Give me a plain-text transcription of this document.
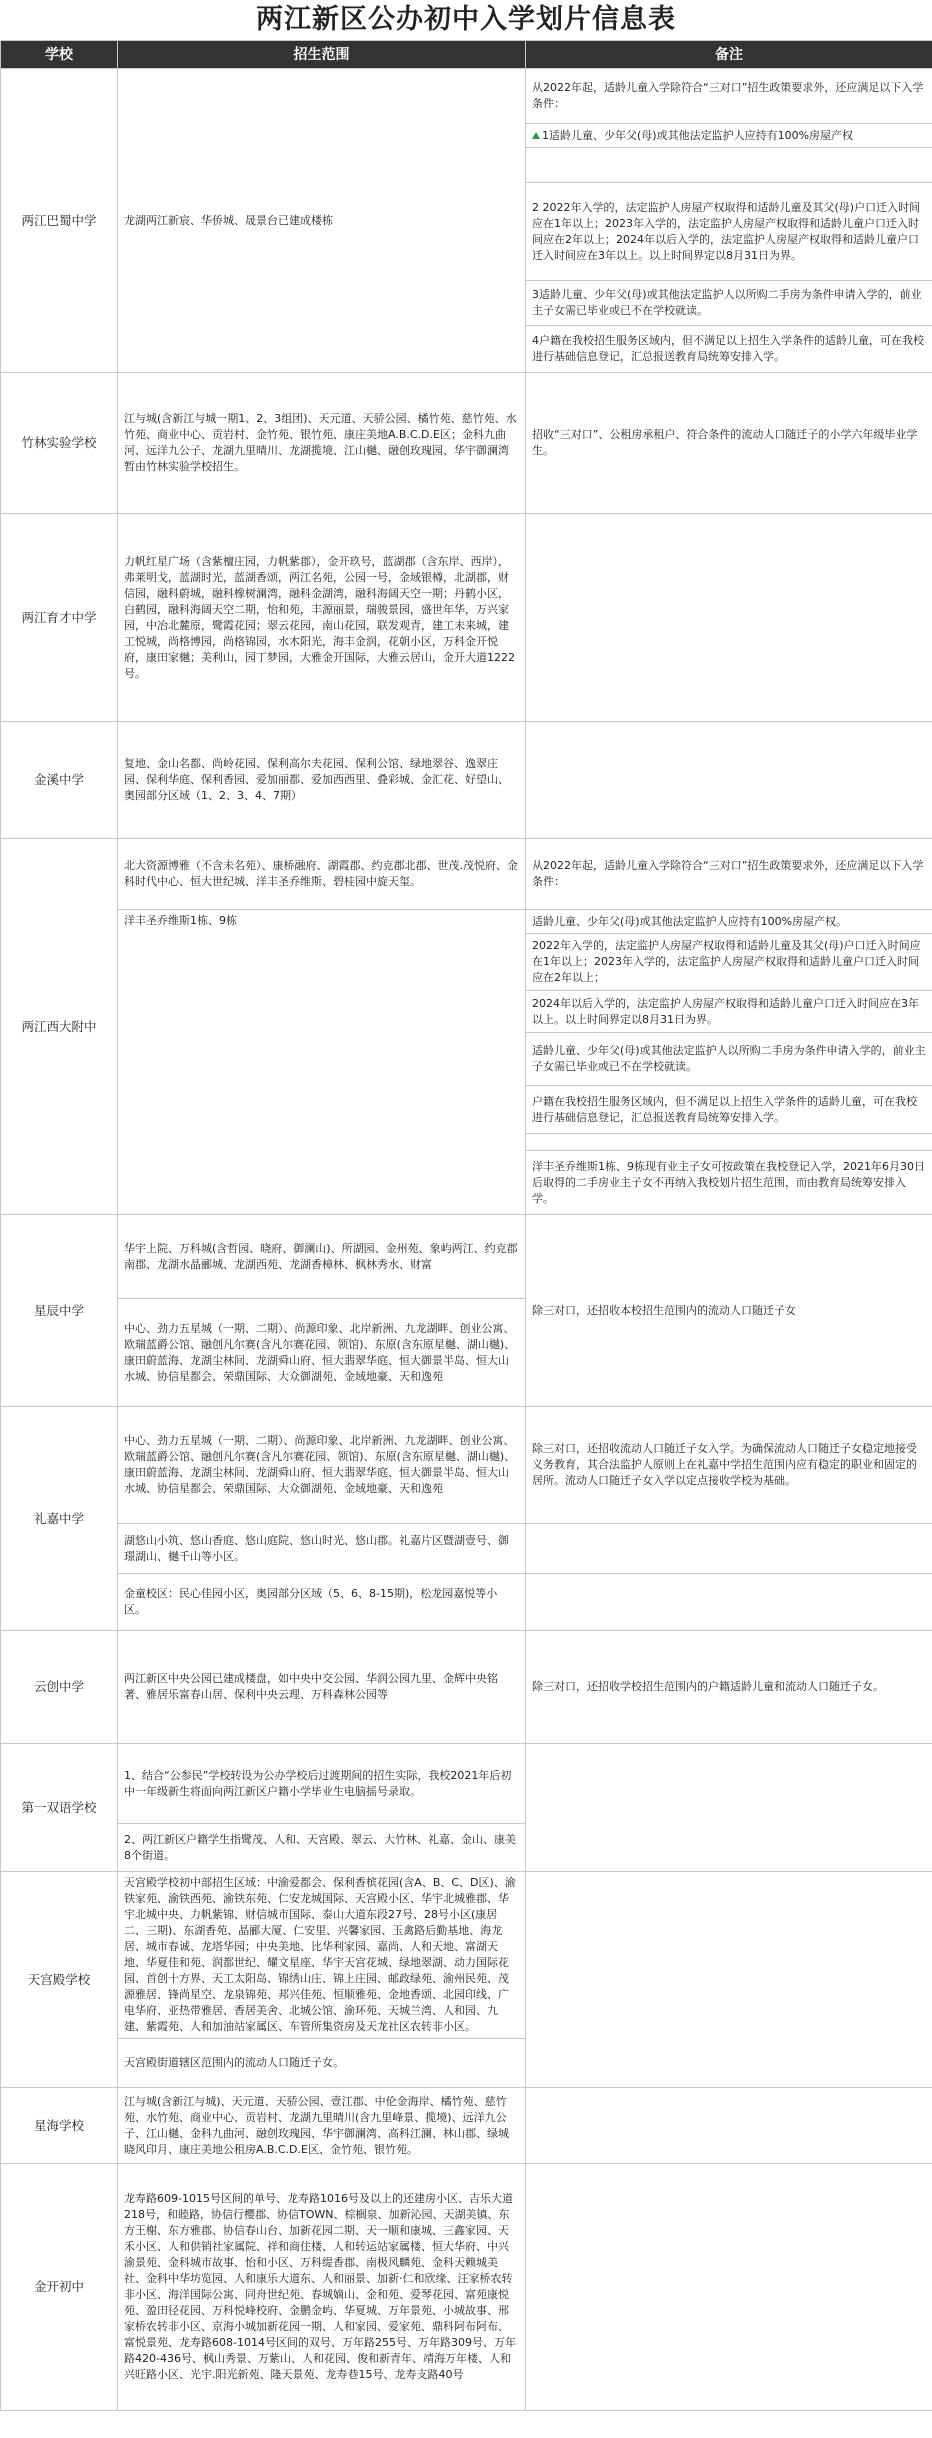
两江新区公办初中入学划片信息表
学校	招生范围	备注
两江巴蜀中学	龙湖两江新宸、华侨城、晟景台已建成楼栋	从2022年起，适龄儿童入学除符合“三对口”招生政策要求外，还应满足以下入学条件：
		1适龄儿童、少年父(母)或其他法定监护人应持有100%房屋产权

		2 2022年入学的，法定监护人房屋产权取得和适龄儿童及其父(母)户口迁入时间应在1年以上；2023年入学的，法定监护人房屋产权取得和适龄儿童户口迁入时间应在2年以上；2024年以后入学的，法定监护人房屋产权取得和适龄儿童户口迁入时间应在3年以上。以上时间界定以8月31日为界。
		3适龄儿童、少年父(母)或其他法定监护人以所购二手房为条件申请入学的，前业主子女需已毕业或已不在学校就读。
		4户籍在我校招生服务区域内，但不满足以上招生入学条件的适龄儿童，可在我校进行基础信息登记，汇总报送教育局统筹安排入学。
竹林实验学校	江与城(含新江与城一期1、2、3组团)、天元道、天骄公园、橘竹苑、慈竹苑、水竹苑、商业中心、贡岩村、金竹苑、银竹苑、康庄美地A.B.C.D.E区；金科九曲河、远洋九公子、龙湖九里晴川、龙湖揽境、江山樾、融创玫瑰园、华宇御澜湾暂由竹林实验学校招生。	招收“三对口”、公租房承租户、符合条件的流动人口随迁子的小学六年级毕业学生。
两江育才中学	力帆红星广场（含紫檀庄园，力帆紫郡），金开玖号，蓝湖郡（含东岸、西岸），弗莱明戈，蓝湖时光，蓝湖香颂，两江名苑，公园一号，金域银樽，北湖郡，财信园，融科蔚城，融科橡树澜湾，融科金湖湾，融科海阔天空一期；丹鹤小区，白鹤园，融科海阔天空二期，怡和苑，丰源丽景，瑞骏景园，盛世年华，万兴家园，中冶北麓原，鹭霞花园；翠云花园，南山花园，联发观青，建工未来城，建工悦城，尚格博园，尚格锦园，水木阳光，海丰金润，花朝小区，万科金开悦府，康田家樾；美利山，园丁梦园，大雅金开国际，大雅云居山，金开大道1222号。	
金溪中学	复地、金山名都、尚岭花园、保利高尔夫花园、保利公馆、绿地翠谷、逸翠庄园、保利华庭、保利香园、爱加丽都、爱加西西里、叠彩城、金汇花、好望山、奥园部分区域（1、2、3、4、7期）	
两江西大附中	北大资源博雅（不含未名苑）、康桥融府、湖霞郡、约克郡北郡、世茂.茂悦府、金科时代中心、恒大世纪城、洋丰圣乔维斯、碧桂园中旋天玺。	从2022年起，适龄儿童入学除符合“三对口”招生政策要求外，还应满足以下入学条件：
	洋丰圣乔维斯1栋、9栋	适龄儿童、少年父(母)或其他法定监护人应持有100%房屋产权。
		2022年入学的，法定监护人房屋产权取得和适龄儿童及其父(母)户口迁入时间应在1年以上；2023年入学的，法定监护人房屋产权取得和适龄儿童户口迁入时间应在2年以上；
		2024年以后入学的，法定监护人房屋产权取得和适龄儿童户口迁入时间应在3年以上。以上时间界定以8月31日为界。
		适龄儿童、少年父(母)或其他法定监护人以所购二手房为条件申请入学的，前业主子女需已毕业或已不在学校就读。
		户籍在我校招生服务区域内，但不满足以上招生入学条件的适龄儿童，可在我校进行基础信息登记，汇总报送教育局统筹安排入学。

		洋丰圣乔维斯1栋、9栋现有业主子女可按政策在我校登记入学，2021年6月30日后取得的二手房业主子女不再纳入我校划片招生范围，而由教育局统筹安排入学。
星辰中学	华宇上院、万科城(含哲园、晓府、御澜山)、所湖园、金州苑、象屿两江、约克郡南郡、龙湖水晶郦城、龙湖西苑、龙湖香樟林、枫林秀水、财富	除三对口，还招收本校招生范围内的流动人口随迁子女
	中心、劲力五星城（一期、二期）、尚源印象、北岸新洲、九龙湖畔、创业公寓、欧瑞蓝爵公馆、融创凡尔赛(含凡尔赛花园、领馆)、东原(含东原星樾、湖山樾)、康田蔚蓝海、龙湖尘林间、龙湖舜山府、恒大翡翠华庭、恒大御景半岛、恒大山水城、协信星都会、荣鼎国际、大众御湖苑、金域地豪、天和逸苑	
礼嘉中学	中心、劲力五星城（一期、二期）、尚源印象、北岸新洲、九龙湖畔、创业公寓、欧瑞蓝爵公馆、融创凡尔赛(含凡尔赛花园、领馆)、东原(含东原星樾、湖山樾)、康田蔚蓝海、龙湖尘林间、龙湖舜山府、恒大翡翠华庭、恒大御景半岛、恒大山水城、协信星都会、荣鼎国际、大众御湖苑、金域地豪、天和逸苑	除三对口，还招收流动人口随迁子女入学。为确保流动人口随迁子女稳定地接受义务教育，其合法监护人原则上在礼嘉中学招生范围内应有稳定的职业和固定的居所。流动人口随迁子女入学以定点接收学校为基础。
	湖悠山小筑、悠山香庭、悠山庭院、悠山时光、悠山郡。礼嘉片区暨湖壹号、御璟湖山、樾千山等小区。	
	金童校区：民心佳园小区，奥园部分区域（5、6、8-15期)，松龙园嘉悦等小区。	
云创中学	两江新区中央公园已建成楼盘，如中央中交公园、华润公园九里、金辉中央铭著、雅居乐富春山居、保利中央云理、万科森林公园等	除三对口，还招收学校招生范围内的户籍适龄儿童和流动人口随迁子女。
第一双语学校	1、结合“公参民”学校转设为公办学校后过渡期间的招生实际，我校2021年后初中一年级新生将面向两江新区户籍小学毕业生电脑摇号录取。	
	2、两江新区户籍学生指鹭茂、人和、天宫殿、翠云、大竹林、礼嘉、金山、康美8个街道。	
天宫殿学校	天宫殿学校初中部招生区域：中渝爱都会、保利香槟花园(含A、B、C、D区)、渝铁家苑、渝铁西苑、渝铁东苑、仁安龙城国际、天宫殿小区、华宇北城雅郡、华宇北城中央、力帆紫锦、财信城市国际、泰山大道东段27号、28号小区(康居二、三期)、东湖香苑、晶郦大厦、仁安里、兴馨家园、玉禽路后勤基地、海龙居、城市春诚、龙塔华园；中央美地、比华利家园、嘉尚、人和天地、富湖天地、华夏佳和苑、润都世纪、耀文星座、华宇天宫花城、绿地翠湖、动力国际花园、首创十方界、天工太阳岛、锦绣山庄、锦上庄园、邮政绿苑、渝州民苑、茂源雅居、锋尚星空、龙泉锦苑、邦兴佳苑、恒顺雅苑、金地香颂、北园印线、广电华府、亚热带雅居、香居美舍、北城公馆、渝环苑、天城兰湾、人和园、九建、紫霞苑、人和加油站家属区、车管所集资房及天龙社区农转非小区。	
	天宫殿街道辖区范围内的流动人口随迁子女。	
星海学校	江与城(含新江与城)、天元道、天骄公园、壹江郡、中伦金海岸、橘竹苑、慈竹苑、水竹苑、商业中心、贡岩村、龙湖九里晴川(含九里峰景、揽境)、远洋九公子、江山樾、金科九曲河、融创玫瑰园、华宇御澜湾、高科江澜、林山郡、绿城晓风印月、康庄美地公租房A.B.C.D.E区、金竹苑、银竹苑。	
金开初中	龙寿路609-1015号区间的单号、龙寿路1016号及以上的还建房小区、吉乐大道218号，和睦路，协信行樱郡、协信TOWN、棕榈泉、加新沁园、天湖美镇、东方王榭、东方雅郡、协信春山台、加新花园二期、天一顺和康城、三鑫家园、天禾小区、人和供销社家属院、祥和商住楼、人和转运站家属楼、恒大华府、中兴渝景苑、金科城市故事、怡和小区、万科缇香郡、南极风麟苑、金科天赖城美社、金科中华坊览园、人和康乐大道东、人和丽景、加新·仁和欣缘、汪家桥农转非小区、海洋国际公寓、同舟世纪苑、春城嫡山、金和苑、爱琴花园、富苑康悦苑、盈田径花园、万科悦峰校府、金鹏金屿、华夏城、万年景苑、小城故事、邢家桥农转非小区、京海小城加新花园一期、人和家园、爱家苑、鼎科阿布阿布、富悦景苑、龙寿路608-1014号区间的双号、万年路255号、万年路309号、万年路420-436号、枫山秀景、万紫山、人和花园、俊和新青年、靖海万年楼、人和兴旺路小区、光宇.阳光新苑、隆天景苑、龙寿巷15号、龙寿支路40号	
